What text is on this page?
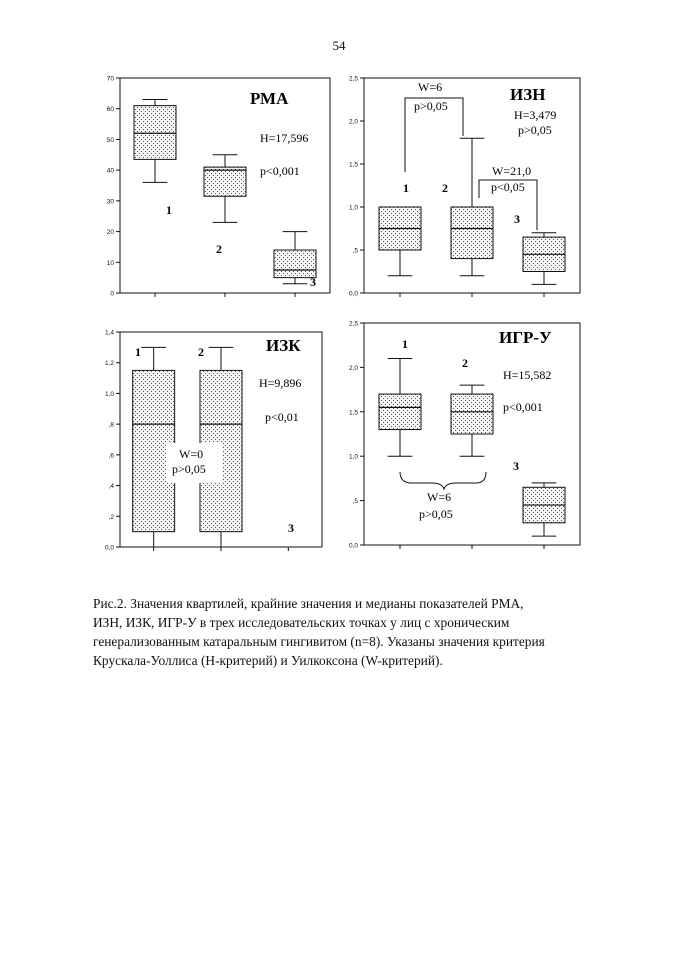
54
0
10
20
30
40
50
60
70
РМА
H=17,596
p<0,001
1
2
3
0,0
,5
1,0
1,5
2,0
2,5
ИЗН
H=3,479
p>0,05
W=6
p>0,05
W=21,0
p<0,05
1	2
3
0,0
,2
,4
,6
,8
1,0
1,2
1,4
ИЗК
H=9,896
p<0,01
1	2
3
W=0
p>0,05
0,0
,5
1,0
1,5
2,0
2,5
ИГР-У
H=15,582
p<0,001
1
2
3
W=6
p>0,05
Рис.2. Значения квартилей, крайние значения и медианы показателей РМА,
ИЗН, ИЗК, ИГР-У в трех исследовательских точках у лиц с хроническим
генерализованным катаральным гингивитом (n=8). Указаны значения критерия
Крускала-Уоллиса (Н-критерий) и Уилкоксона (W-критерий).
